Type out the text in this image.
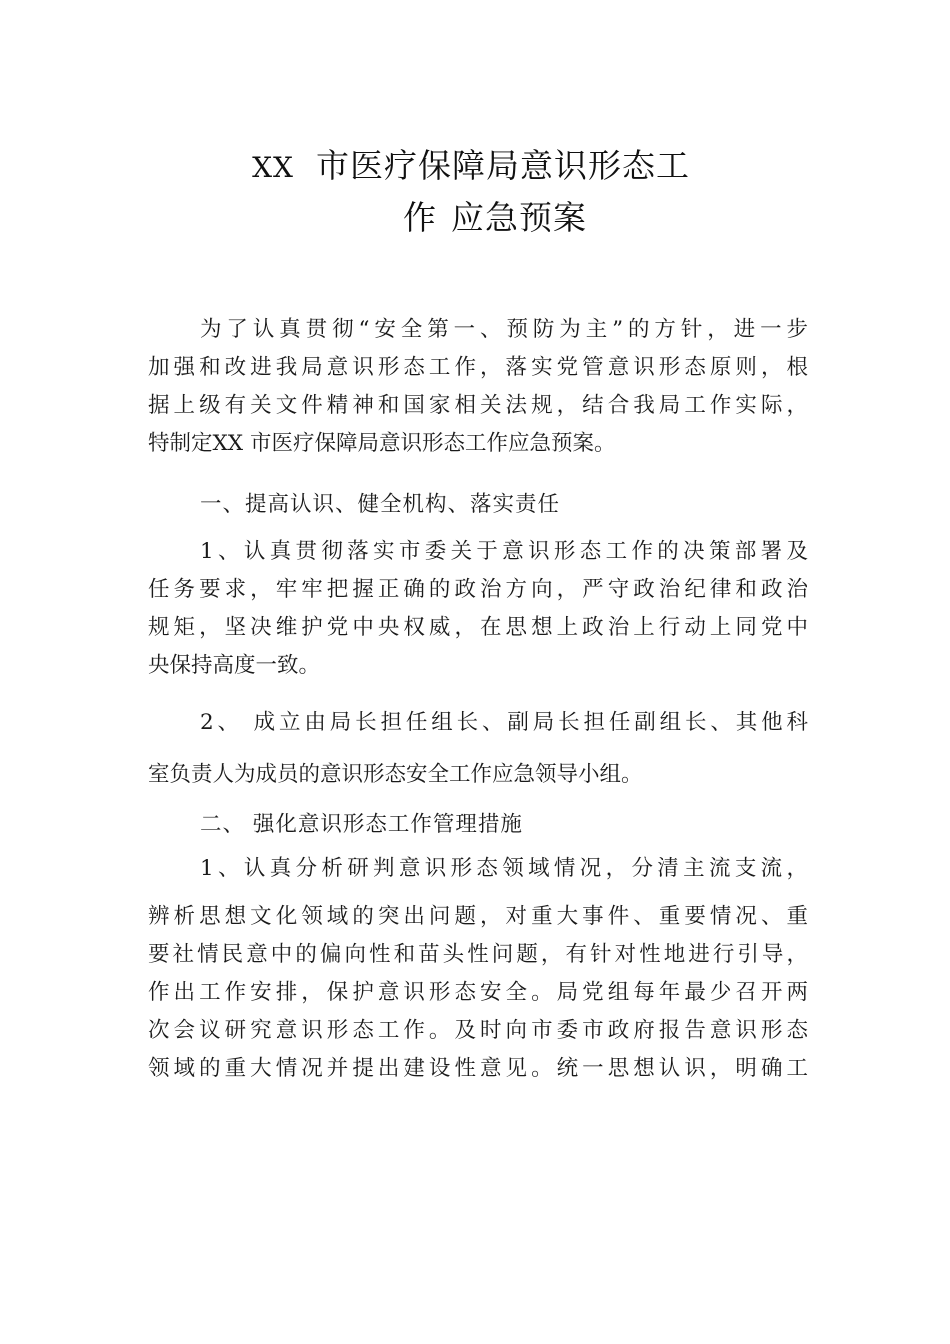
XX 市医疗保障局意识形态工
作 应急预案
为了认真贯彻“安全第一、预防为主”的方针，进一步
加强和改进我局意识形态工作，落实党管意识形态原则，根
据上级有关文件精神和国家相关法规，结合我局工作实际，
特制定XX 市医疗保障局意识形态工作应急预案。
一、提高认识、健全机构、落实责任
1、认真贯彻落实市委关于意识形态工作的决策部署及
任务要求，牢牢把握正确的政治方向，严守政治纪律和政治
规矩，坚决维护党中央权威，在思想上政治上行动上同党中
央保持高度一致。
2、 成立由局长担任组长、副局长担任副组长、其他科
室负责人为成员的意识形态安全工作应急领导小组。
二、 强化意识形态工作管理措施
1、认真分析研判意识形态领域情况，分清主流支流，
辨析思想文化领域的突出问题，对重大事件、重要情况、重
要社情民意中的偏向性和苗头性问题，有针对性地进行引导，
作出工作安排，保护意识形态安全。局党组每年最少召开两
次会议研究意识形态工作。及时向市委市政府报告意识形态
领域的重大情况并提出建设性意见。统一思想认识，明确工
